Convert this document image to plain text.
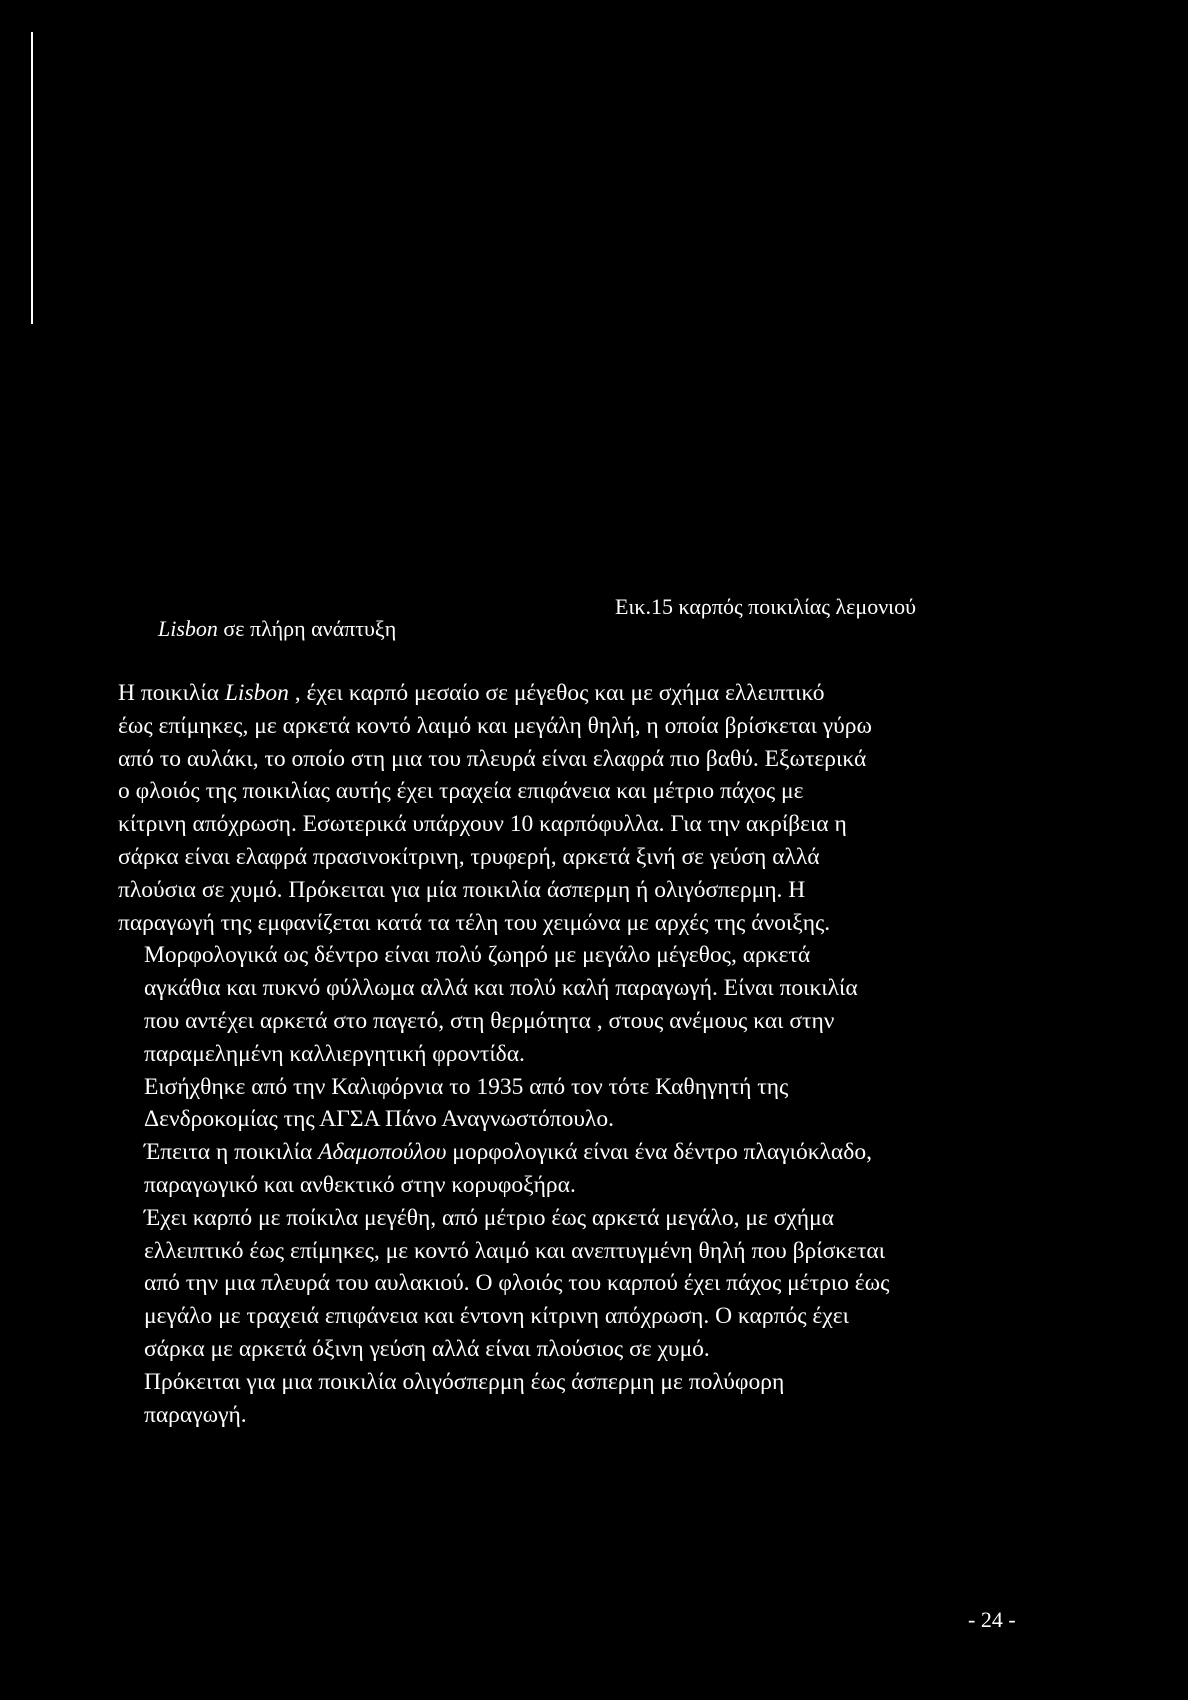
Lisbon σε πλήρη ανάπτυξη
Εικ.15 καρπός ποικιλίας λεμονιού

Η ποικιλία Lisbon , έχει καρπό μεσαίο σε μέγεθος και με σχήμα ελλειπτικό
έως επίμηκες, με αρκετά κοντό λαιμό και μεγάλη θηλή, η οποία βρίσκεται γύρω
από το αυλάκι, το οποίο στη μια του πλευρά είναι ελαφρά πιο βαθύ. Εξωτερικά
ο φλοιός της ποικιλίας αυτής έχει τραχεία επιφάνεια και μέτριο πάχος με
κίτρινη απόχρωση. Εσωτερικά υπάρχουν 10 καρπόφυλλα. Για την ακρίβεια η
σάρκα είναι ελαφρά πρασινοκίτρινη, τρυφερή, αρκετά ξινή σε γεύση αλλά
πλούσια σε χυμό. Πρόκειται για μία ποικιλία άσπερμη ή ολιγόσπερμη. Η
παραγωγή της εμφανίζεται κατά τα τέλη του χειμώνα με αρχές της άνοιξης.

Μορφολογικά ως δέντρο είναι πολύ ζωηρό με μεγάλο μέγεθος, αρκετά
αγκάθια και πυκνό φύλλωμα αλλά και πολύ καλή παραγωγή. Είναι ποικιλία
που αντέχει αρκετά στο παγετό, στη θερμότητα , στους ανέμους και στην
παραμελημένη καλλιεργητική φροντίδα.

Εισήχθηκε από την Καλιφόρνια το 1935 από τον τότε Καθηγητή της
Δενδροκομίας της ΑΓΣΑ Πάνο Αναγνωστόπουλο.

Έπειτα η ποικιλία Αδαμοπούλου μορφολογικά είναι ένα δέντρο πλαγιόκλαδο,
παραγωγικό και ανθεκτικό στην κορυφοξήρα.

Έχει καρπό με ποίκιλα μεγέθη, από μέτριο έως αρκετά μεγάλο, με σχήμα
ελλειπτικό έως επίμηκες, με κοντό λαιμό και ανεπτυγμένη θηλή που βρίσκεται
από την μια πλευρά του αυλακιού. Ο φλοιός του καρπού έχει πάχος μέτριο έως
μεγάλο με τραχειά επιφάνεια και έντονη κίτρινη απόχρωση. Ο καρπός έχει
σάρκα με αρκετά όξινη γεύση αλλά είναι πλούσιος σε χυμό.

Πρόκειται για μια ποικιλία ολιγόσπερμη έως άσπερμη με πολύφορη
παραγωγή.

- 24 -
